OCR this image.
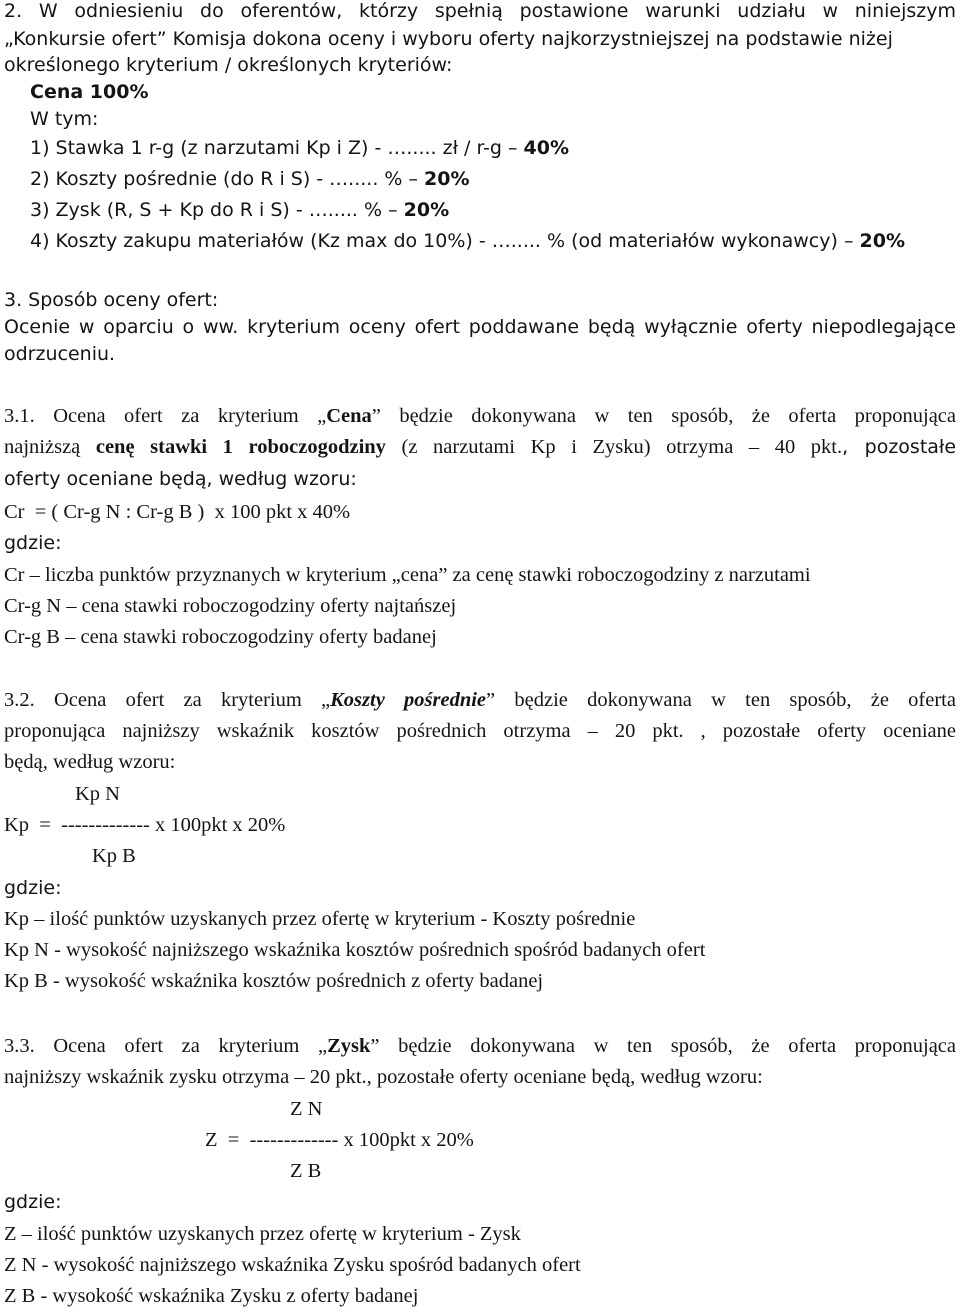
2. W odniesieniu do oferentów, którzy spełnią postawione warunki udziału w niniejszym
„Konkursie ofert” Komisja dokona oceny i wyboru oferty najkorzystniejszej na podstawie niżej
określonego kryterium / określonych kryteriów:
Cena 100%
W tym:
1) Stawka 1 r-g (z narzutami Kp i Z) - …..... zł / r-g – 40%
2) Koszty pośrednie (do R i S) - …..... % – 20%
3) Zysk (R, S + Kp do R i S) - …..... % – 20%
4) Koszty zakupu materiałów (Kz max do 10%) - …..... % (od materiałów wykonawcy) – 20%
3. Sposób oceny ofert:
Ocenie w oparciu o ww. kryterium oceny ofert poddawane będą wyłącznie oferty niepodlegające
odrzuceniu.
3.1. Ocena ofert za kryterium „Cena” będzie dokonywana w ten sposób, że oferta proponująca
najniższą cenę stawki 1 roboczogodziny (z narzutami Kp i Zysku) otrzyma – 40 pkt., pozostałe
oferty oceniane będą, według wzoru:
Cr  = ( Cr-g N : Cr-g B )  x 100 pkt x 40%
gdzie:
Cr – liczba punktów przyznanych w kryterium „cena” za cenę stawki roboczogodziny z narzutami
Cr-g N – cena stawki roboczogodziny oferty najtańszej
Cr-g B – cena stawki roboczogodziny oferty badanej
3.2. Ocena ofert za kryterium „Koszty pośrednie” będzie dokonywana w ten sposób, że oferta
proponująca najniższy wskaźnik kosztów pośrednich otrzyma – 20 pkt. , pozostałe oferty oceniane
będą, według wzoru:
Kp N
Kp  =  ------------- x 100pkt x 20%
Kp B
gdzie:
Kp – ilość punktów uzyskanych przez ofertę w kryterium - Koszty pośrednie
Kp N - wysokość najniższego wskaźnika kosztów pośrednich spośród badanych ofert
Kp B - wysokość wskaźnika kosztów pośrednich z oferty badanej
3.3. Ocena ofert za kryterium „Zysk” będzie dokonywana w ten sposób, że oferta proponująca
najniższy wskaźnik zysku otrzyma – 20 pkt., pozostałe oferty oceniane będą, według wzoru:
Z N
Z  =  ------------- x 100pkt x 20%
Z B
gdzie:
Z – ilość punktów uzyskanych przez ofertę w kryterium - Zysk
Z N - wysokość najniższego wskaźnika Zysku spośród badanych ofert
Z B - wysokość wskaźnika Zysku z oferty badanej
